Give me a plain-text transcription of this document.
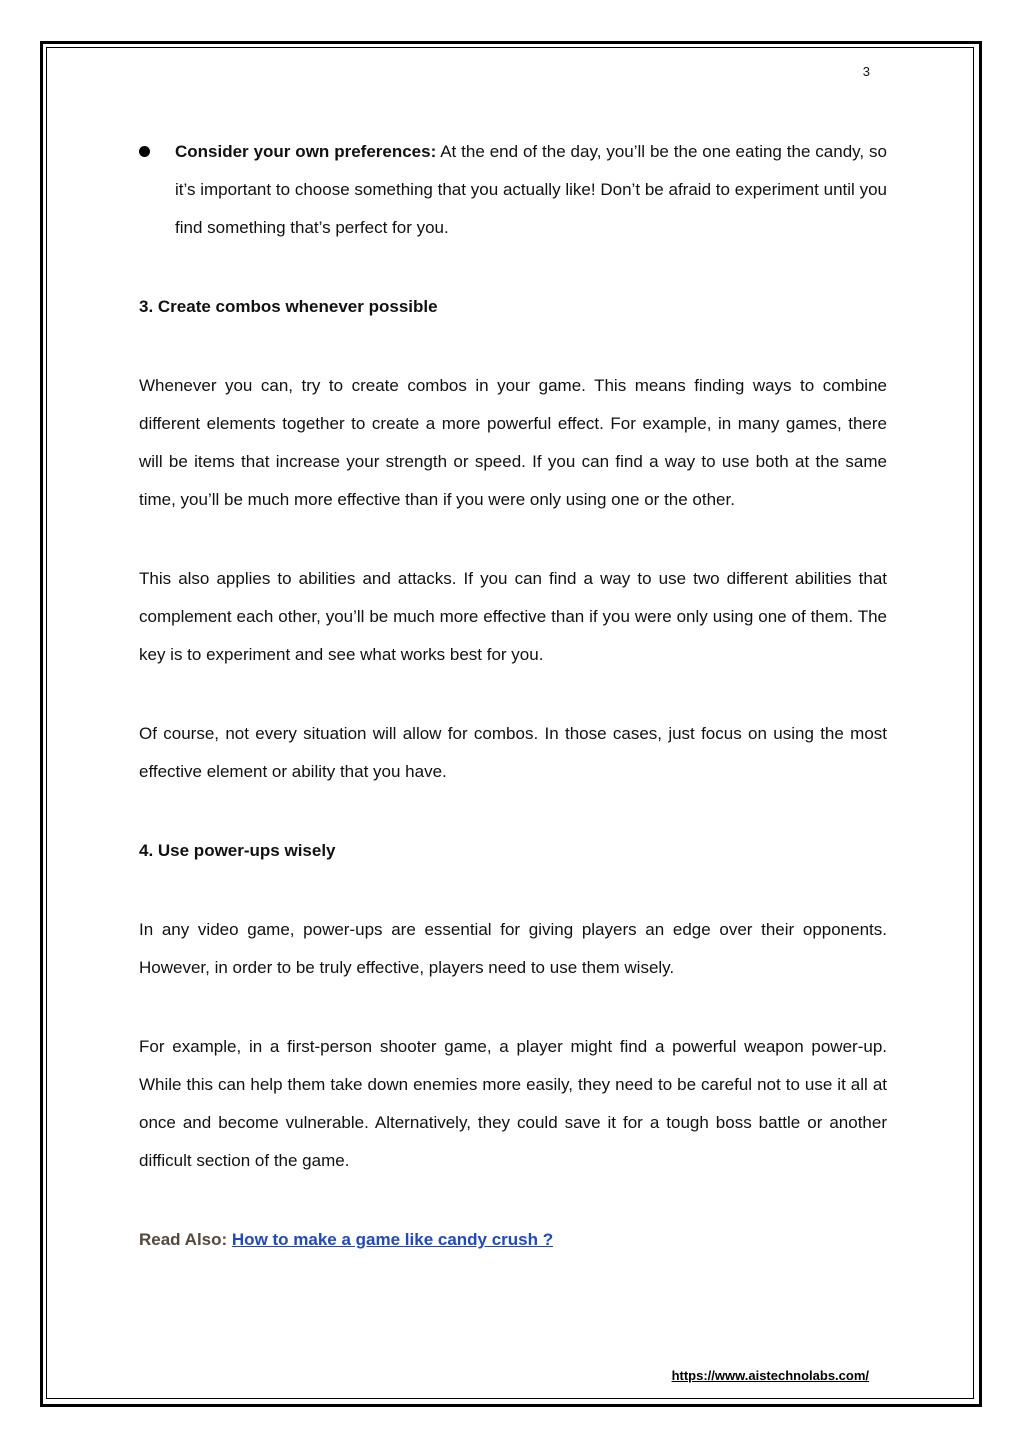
3

Consider your own preferences: At the end of the day, you’ll be the one eating the candy, so it’s important to choose something that you actually like! Don’t be afraid to experiment until you find something that’s perfect for you.

3. Create combos whenever possible

Whenever you can, try to create combos in your game. This means finding ways to combine different elements together to create a more powerful effect. For example, in many games, there will be items that increase your strength or speed. If you can find a way to use both at the same time, you’ll be much more effective than if you were only using one or the other.

This also applies to abilities and attacks. If you can find a way to use two different abilities that complement each other, you’ll be much more effective than if you were only using one of them. The key is to experiment and see what works best for you.

Of course, not every situation will allow for combos. In those cases, just focus on using the most effective element or ability that you have.

4. Use power-ups wisely

In any video game, power-ups are essential for giving players an edge over their opponents. However, in order to be truly effective, players need to use them wisely.

For example, in a first-person shooter game, a player might find a powerful weapon power-up. While this can help them take down enemies more easily, they need to be careful not to use it all at once and become vulnerable. Alternatively, they could save it for a tough boss battle or another difficult section of the game.

Read Also: How to make a game like candy crush ?

https://www.aistechnolabs.com/
